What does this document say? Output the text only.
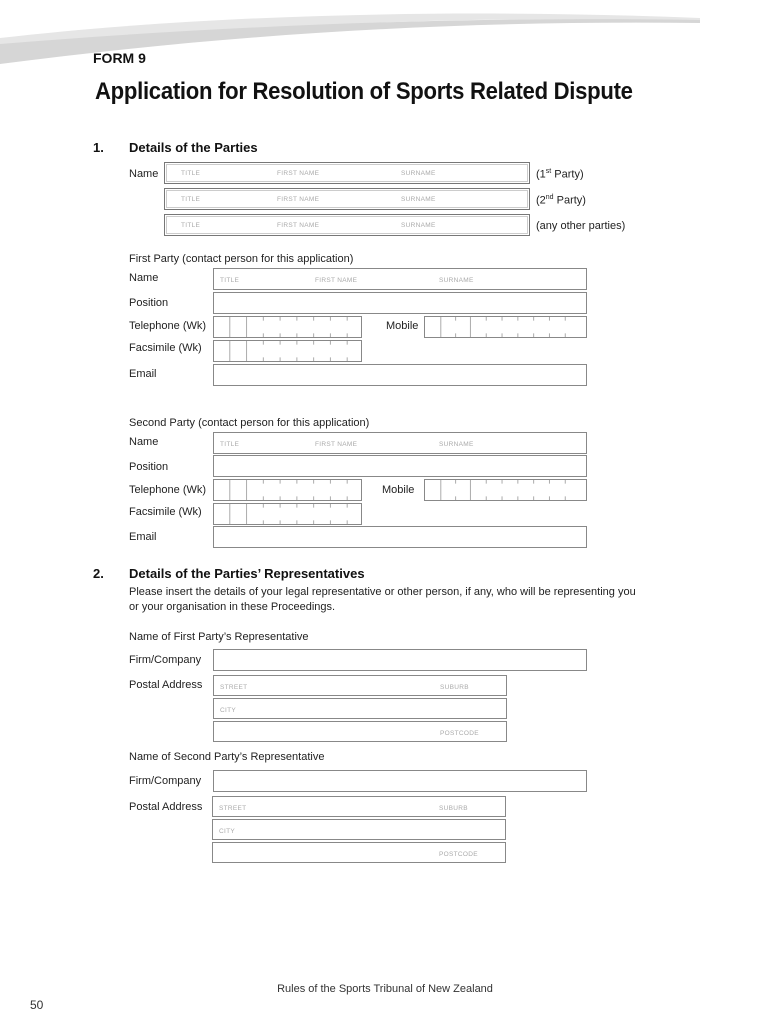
FORM 9
Application for Resolution of Sports Related Dispute
1. Details of the Parties
Name	TITLE	FIRST NAME	SURNAME	(1st Party)
TITLE	FIRST NAME	SURNAME	(2nd Party)
TITLE	FIRST NAME	SURNAME	(any other parties)
First Party (contact person for this application)
Name	TITLE	FIRST NAME	SURNAME
Position
Telephone (Wk)	Mobile
Facsimile (Wk)
Email
Second Party (contact person for this application)
Name	TITLE	FIRST NAME	SURNAME
Position
Telephone (Wk)	Mobile
Facsimile (Wk)
Email
2. Details of the Parties’ Representatives
Please insert the details of your legal representative or other person, if any, who will be representing you
or your organisation in these Proceedings.
Name of First Party’s Representative
Firm/Company
Postal Address	STREET	SUBURB
CITY
POSTCODE
Name of Second Party’s Representative
Firm/Company
Postal Address	STREET	SUBURB
CITY
POSTCODE
Rules of the Sports Tribunal of New Zealand
50
